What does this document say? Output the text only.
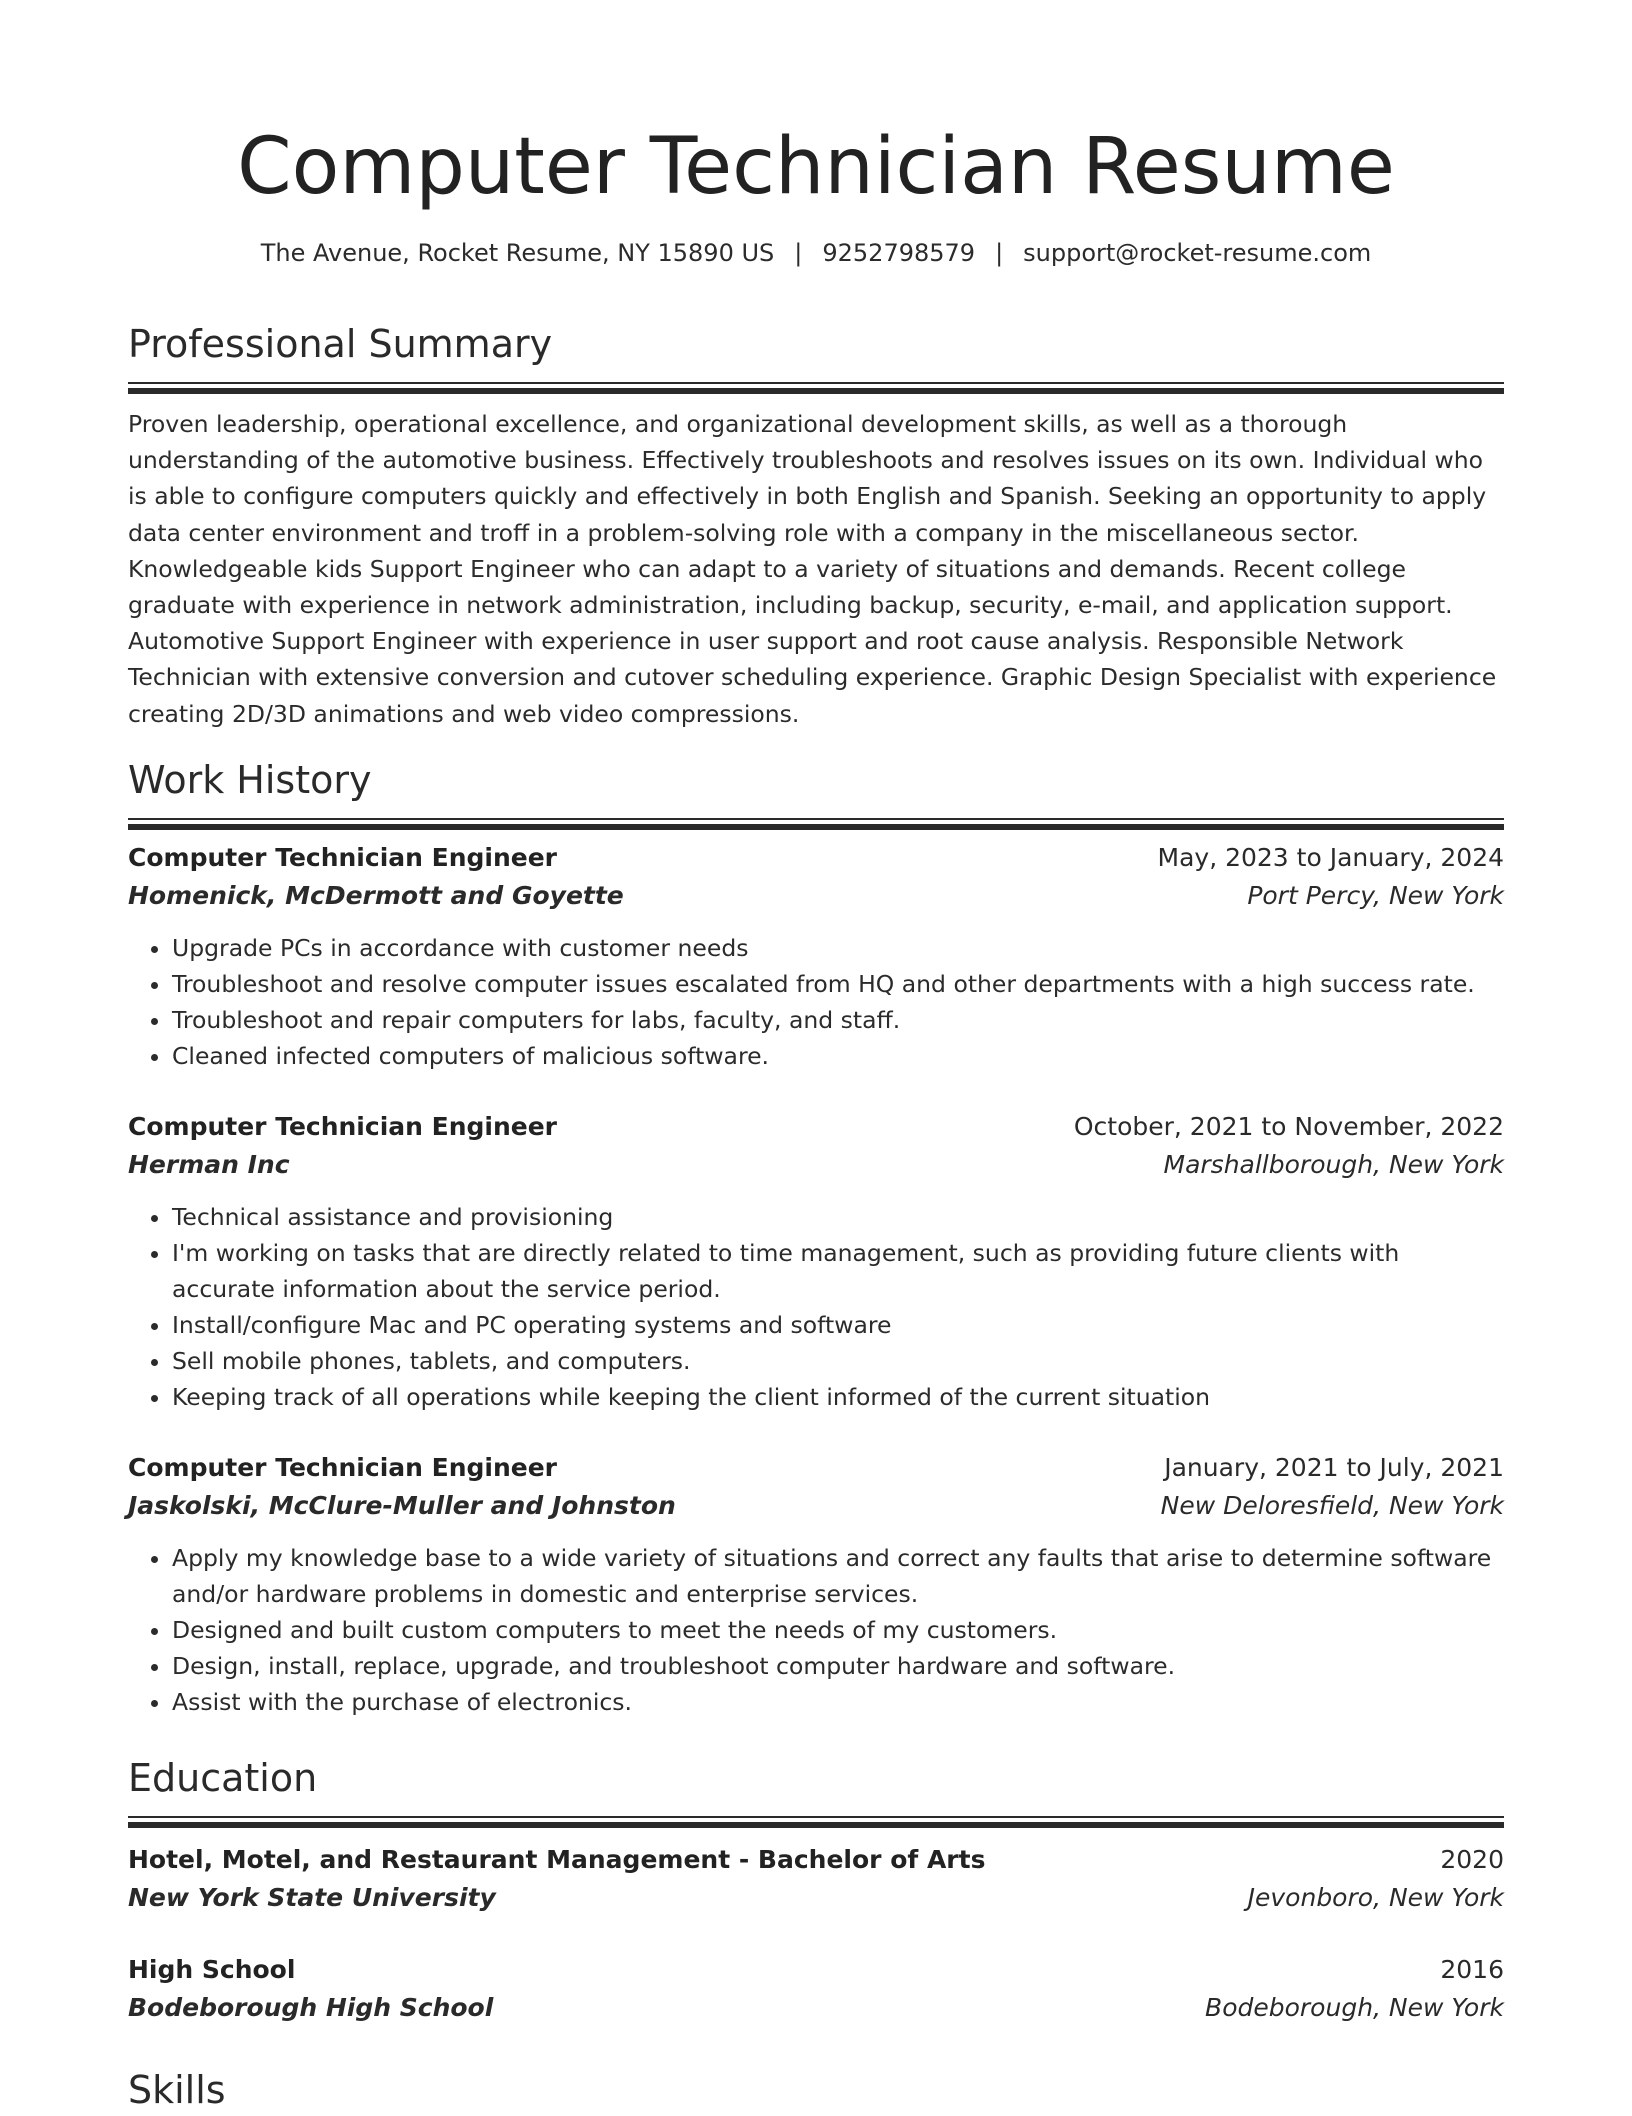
Computer Technician Resume
The Avenue, Rocket Resume, NY 15890 US | 9252798579 | support@rocket-resume.com
Professional Summary

Proven leadership, operational excellence, and organizational development skills, as well as a thorough understanding of the automotive business. Effectively troubleshoots and resolves issues on its own. Individual who is able to configure computers quickly and effectively in both English and Spanish. Seeking an opportunity to apply data center environment and troff in a problem-solving role with a company in the miscellaneous sector. Knowledgeable kids Support Engineer who can adapt to a variety of situations and demands. Recent college graduate with experience in network administration, including backup, security, e-mail, and application support. Automotive Support Engineer with experience in user support and root cause analysis. Responsible Network Technician with extensive conversion and cutover scheduling experience. Graphic Design Specialist with experience creating 2D/3D animations and web video compressions.

Work History
Computer Technician Engineer	May, 2023 to January, 2024
Homenick, McDermott and Goyette	Port Percy, New York
• Upgrade PCs in accordance with customer needs
• Troubleshoot and resolve computer issues escalated from HQ and other departments with a high success rate.
• Troubleshoot and repair computers for labs, faculty, and staff.
• Cleaned infected computers of malicious software.
Computer Technician Engineer	October, 2021 to November, 2022
Herman Inc	Marshallborough, New York
• Technical assistance and provisioning
• I'm working on tasks that are directly related to time management, such as providing future clients with accurate information about the service period.
• Install/configure Mac and PC operating systems and software
• Sell mobile phones, tablets, and computers.
• Keeping track of all operations while keeping the client informed of the current situation
Computer Technician Engineer	January, 2021 to July, 2021
Jaskolski, McClure-Muller and Johnston	New Deloresfield, New York
• Apply my knowledge base to a wide variety of situations and correct any faults that arise to determine software and/or hardware problems in domestic and enterprise services.
• Designed and built custom computers to meet the needs of my customers.
• Design, install, replace, upgrade, and troubleshoot computer hardware and software.
• Assist with the purchase of electronics.
Education
Hotel, Motel, and Restaurant Management - Bachelor of Arts	2020
New York State University	Jevonboro, New York
High School	2016
Bodeborough High School	Bodeborough, New York
Skills
